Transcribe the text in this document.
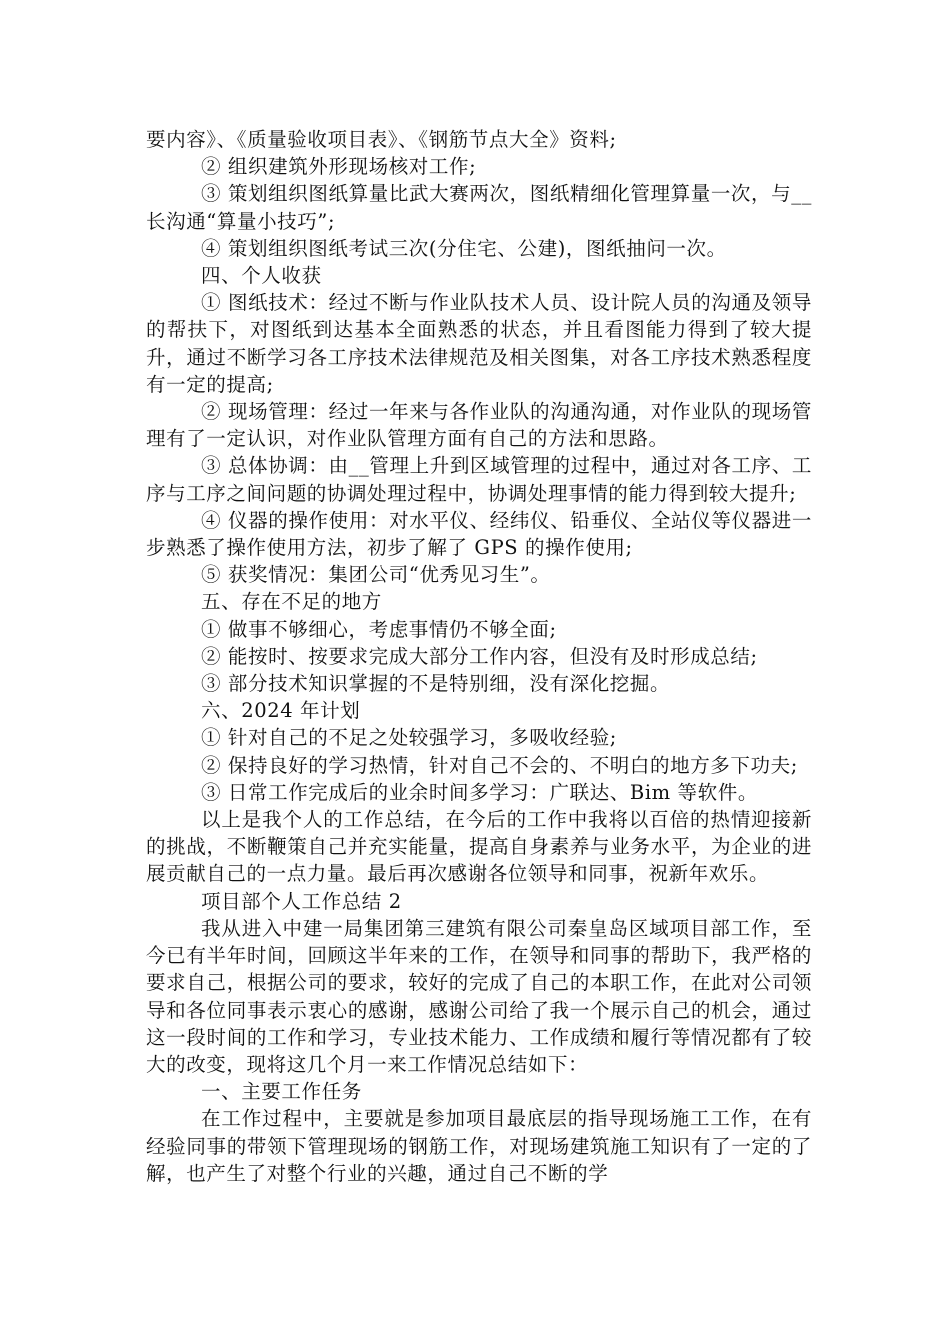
要内容》、《质量验收项目表》、《钢筋节点大全》资料;

② 组织建筑外形现场核对工作;

③ 策划组织图纸算量比武大赛两次，图纸精细化管理算量一次，与__长沟通“算量小技巧”;

④ 策划组织图纸考试三次(分住宅、公建)，图纸抽问一次。

四、个人收获

① 图纸技术：经过不断与作业队技术人员、设计院人员的沟通及领导的帮扶下，对图纸到达基本全面熟悉的状态，并且看图能力得到了较大提升，通过不断学习各工序技术法律规范及相关图集，对各工序技术熟悉程度有一定的提高;

② 现场管理：经过一年来与各作业队的沟通沟通，对作业队的现场管理有了一定认识，对作业队管理方面有自己的方法和思路。

③ 总体协调：由__管理上升到区域管理的过程中，通过对各工序、工序与工序之间问题的协调处理过程中，协调处理事情的能力得到较大提升;

④ 仪器的操作使用：对水平仪、经纬仪、铅垂仪、全站仪等仪器进一步熟悉了操作使用方法，初步了解了 GPS 的操作使用;

⑤ 获奖情况：集团公司“优秀见习生”。

五、存在不足的地方

① 做事不够细心，考虑事情仍不够全面;

② 能按时、按要求完成大部分工作内容，但没有及时形成总结;

③ 部分技术知识掌握的不是特别细，没有深化挖掘。

六、2024 年计划

① 针对自己的不足之处较强学习，多吸收经验;

② 保持良好的学习热情，针对自己不会的、不明白的地方多下功夫;

③ 日常工作完成后的业余时间多学习：广联达、Bim 等软件。

以上是我个人的工作总结，在今后的工作中我将以百倍的热情迎接新的挑战，不断鞭策自己并充实能量，提高自身素养与业务水平，为企业的进展贡献自己的一点力量。最后再次感谢各位领导和同事，祝新年欢乐。

项目部个人工作总结 2

我从进入中建一局集团第三建筑有限公司秦皇岛区域项目部工作，至今已有半年时间，回顾这半年来的工作，在领导和同事的帮助下，我严格的要求自己，根据公司的要求，较好的完成了自己的本职工作，在此对公司领导和各位同事表示衷心的感谢，感谢公司给了我一个展示自己的机会，通过这一段时间的工作和学习，专业技术能力、工作成绩和履行等情况都有了较大的改变，现将这几个月一来工作情况总结如下：

一、主要工作任务

在工作过程中，主要就是参加项目最底层的指导现场施工工作，在有经验同事的带领下管理现场的钢筋工作，对现场建筑施工知识有了一定的了解，也产生了对整个行业的兴趣，通过自己不断的学
